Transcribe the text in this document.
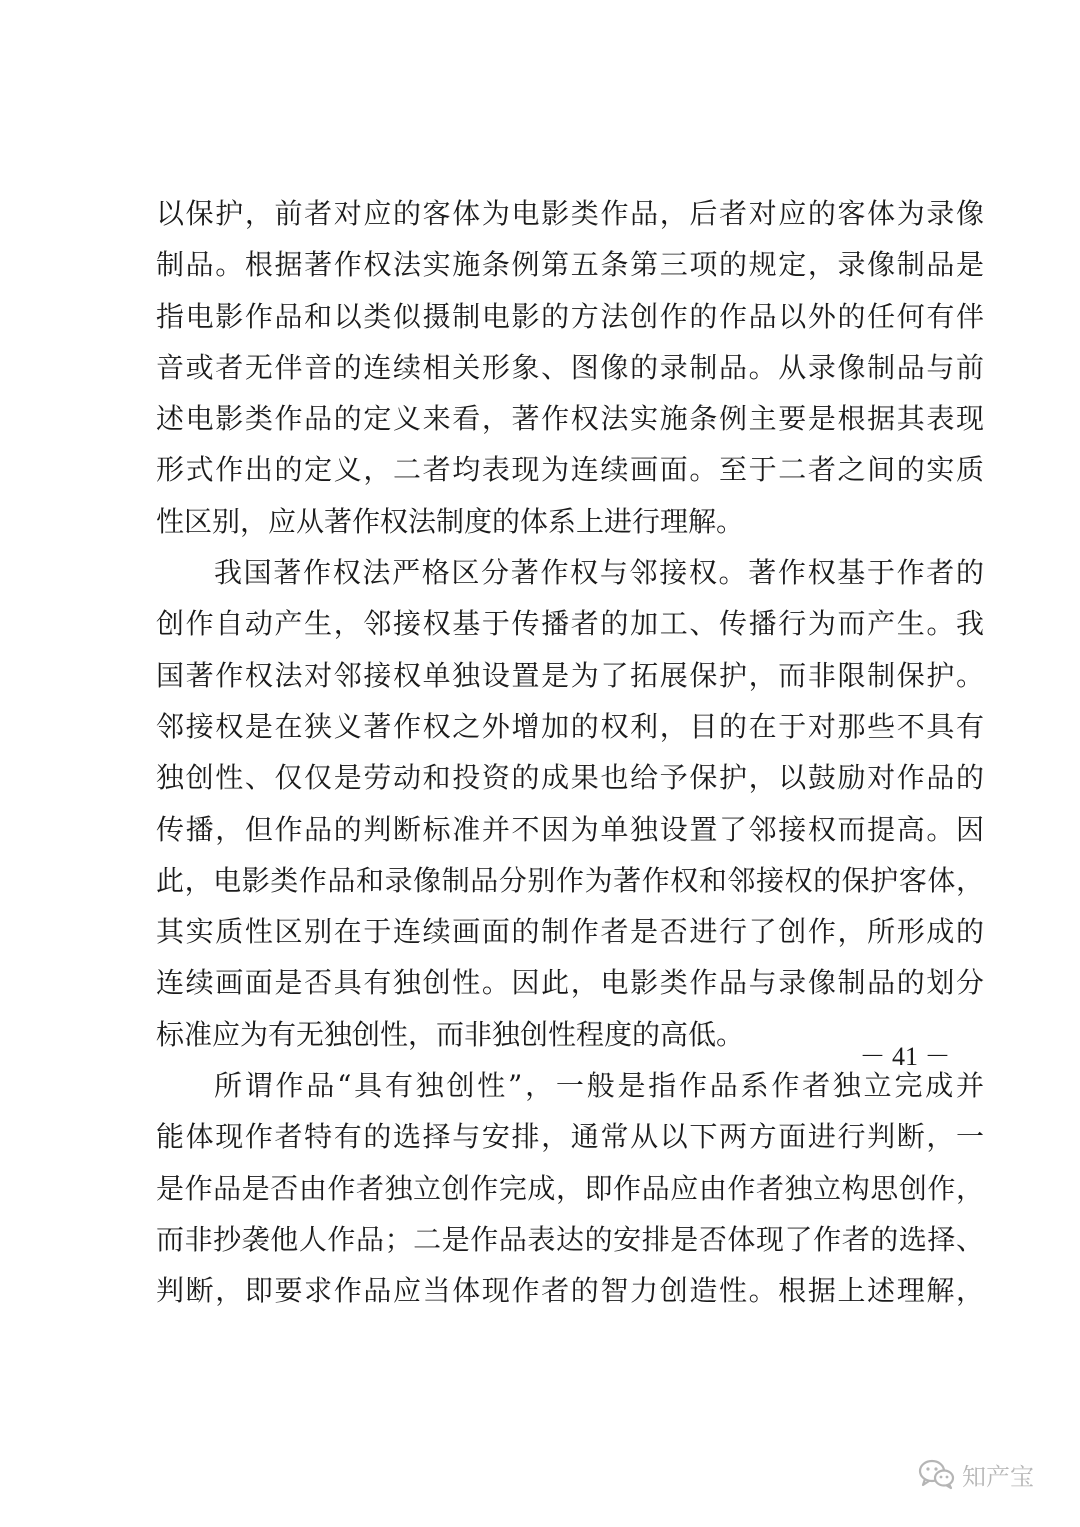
以保护，前者对应的客体为电影类作品，后者对应的客体为录像
制品。根据著作权法实施条例第五条第三项的规定，录像制品是
指电影作品和以类似摄制电影的方法创作的作品以外的任何有伴
音或者无伴音的连续相关形象、图像的录制品。从录像制品与前
述电影类作品的定义来看，著作权法实施条例主要是根据其表现
形式作出的定义，二者均表现为连续画面。至于二者之间的实质
性区别，应从著作权法制度的体系上进行理解。
我国著作权法严格区分著作权与邻接权。著作权基于作者的
创作自动产生，邻接权基于传播者的加工、传播行为而产生。我
国著作权法对邻接权单独设置是为了拓展保护，而非限制保护。
邻接权是在狭义著作权之外增加的权利，目的在于对那些不具有
独创性、仅仅是劳动和投资的成果也给予保护，以鼓励对作品的
传播，但作品的判断标准并不因为单独设置了邻接权而提高。因
此，电影类作品和录像制品分别作为著作权和邻接权的保护客体，
其实质性区别在于连续画面的制作者是否进行了创作，所形成的
连续画面是否具有独创性。因此，电影类作品与录像制品的划分
标准应为有无独创性，而非独创性程度的高低。
所谓作品“具有独创性”，一般是指作品系作者独立完成并
能体现作者特有的选择与安排，通常从以下两方面进行判断，一
是作品是否由作者独立创作完成，即作品应由作者独立构思创作，
而非抄袭他人作品；二是作品表达的安排是否体现了作者的选择、
判断，即要求作品应当体现作者的智力创造性。根据上述理解，
－ 41 －
知产宝
